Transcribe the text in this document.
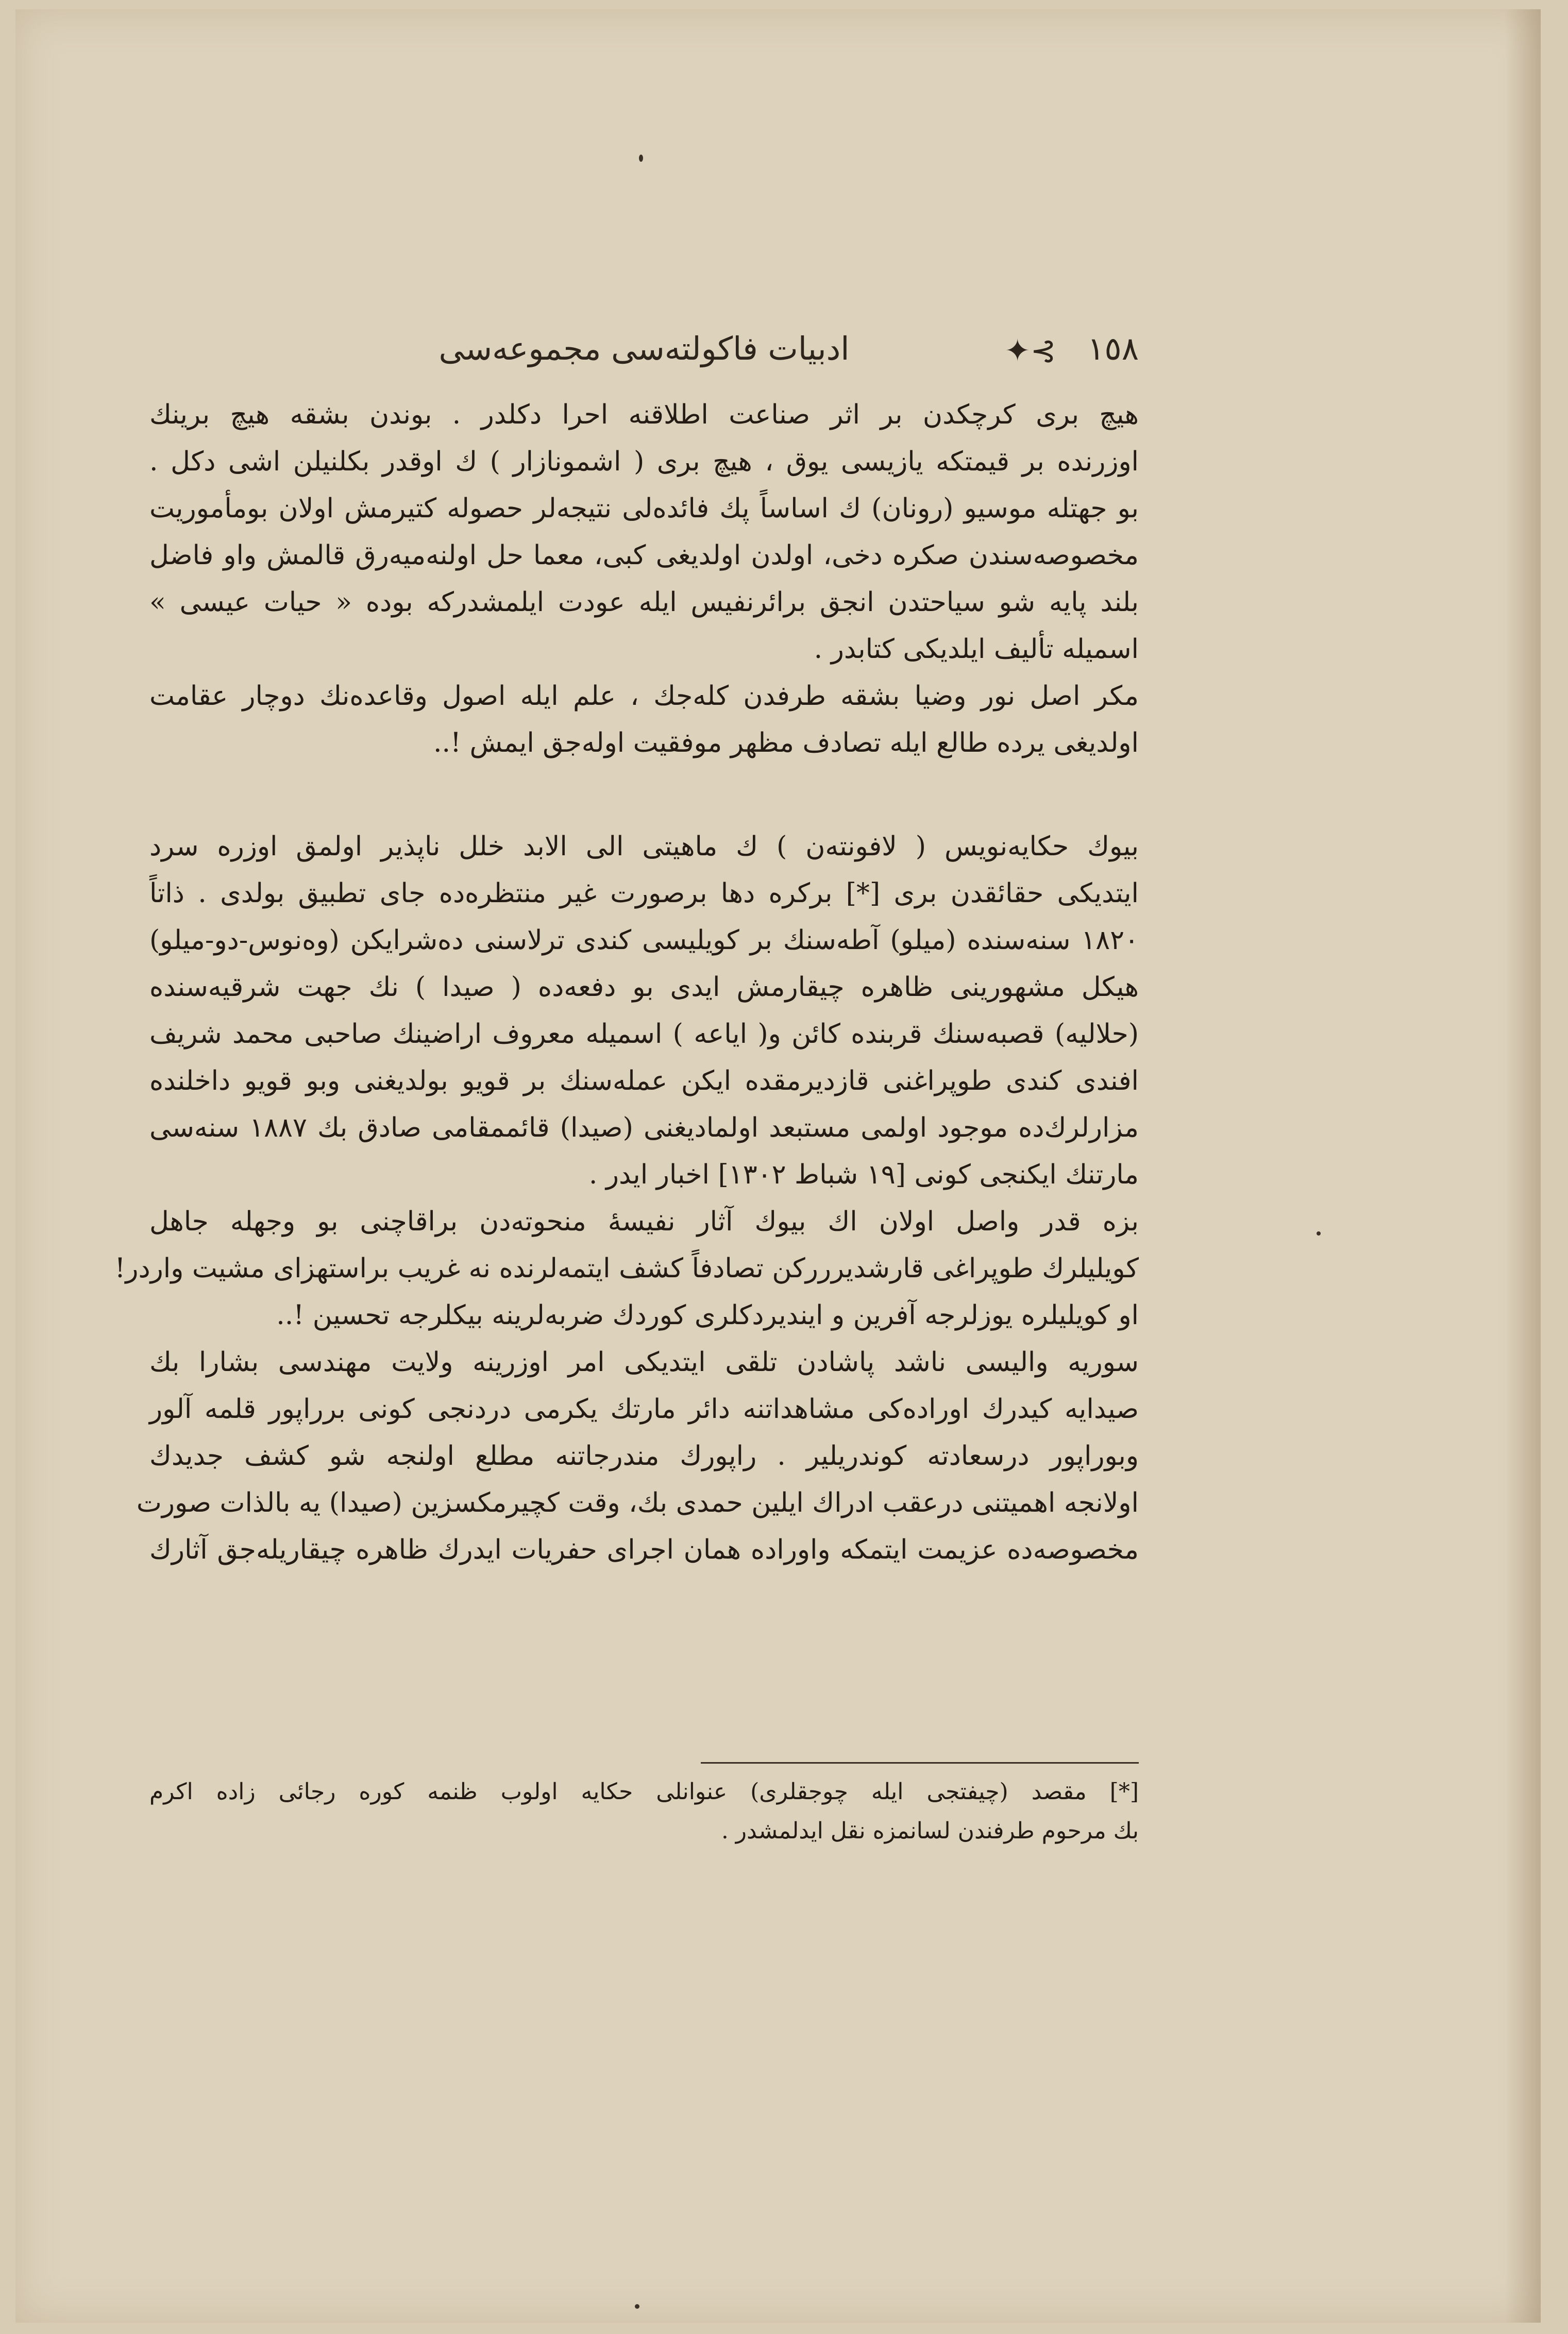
١٥٨
⊱✦
ادبيات فاكولته‌سى مجموعه‌سى
هيچ برى كرچكدن بر اثر صناعت اطلاقنه احرا دكلدر . بوندن بشقه هيچ برينك
اوزرنده بر قيمتكه يازيسى يوق ، هيچ برى ( اشمونازار ) ك اوقدر بكلنيلن اشى دكل .
بو جهتله موسيو (رونان) ك اساساً پك فائده‌لى نتيجه‌لر حصوله كتيرمش اولان بومأموريت
مخصوصه‌سندن صكره دخى، اولدن اولديغى كبى، معما حل اولنه‌ميه‌رق قالمش واو فاضل
بلند پايه شو سياحتدن انجق برائرنفيس ايله عودت ايلمشدركه بوده « حيات عيسى »
اسميله تأليف ايلديكى كتابدر .
مكر اصل نور وضيا بشقه طرفدن كله‌جك ، علم ايله اصول وقاعده‌نك دوچار عقامت
اولديغى يرده طالع ايله تصادف مظهر موفقيت اوله‌جق ايمش !..
بيوك حكايه‌نويس ( لافونته‌ن ) ك ماهيتى الى الابد خلل ناپذير اولمق اوزره سرد
ايتديكى حقائقدن برى [*] بركره دها برصورت غير منتظره‌ده جاى تطبيق بولدى . ذاتاً
١٨٢٠ سنه‌سنده (ميلو) آطه‌سنك بر كويليسى كندى ترلاسنى ده‌شرايكن (وه‌نوس-دو-ميلو)
هيكل مشهورينى ظاهره چيقارمش ايدى بو دفعه‌ده ( صيدا ) نك جهت شرقيه‌سنده
(حلاليه) قصبه‌سنك قربنده كائن و( اياعه ) اسميله معروف اراضينك صاحبى محمد شريف
افندى كندى طوپراغنى قازديرمقده ايكن عمله‌سنك بر قويو بولديغنى وبو قويو داخلنده
مزارلرك‌ده موجود اولمى مستبعد اولماديغنى (صيدا) قائممقامى صادق بك ١٨٨٧ سنه‌سى
مارتنك ايكنجى كونى [١٩ شباط ١٣٠٢] اخبار ايدر .
بزه قدر واصل اولان اك بيوك آثار نفيسهٔ منحوته‌دن براقاچنى بو وجهله جاهل
كويليلرك طوپراغى قارشديررركن تصادفاً كشف ايتمه‌لرنده نه غريب براستهزاى مشيت واردر!
او كويليلره يوزلرجه آفرين و ايندير‌دكلرى كوردك ضربه‌لرينه بيكلرجه تحسين !..
سوريه واليسى ناشد پاشادن تلقى ايتديكى امر اوزرينه ولايت مهندسى بشارا بك
صيدايه كيدرك اوراده‌كى مشاهداتنه دائر مارتك يكرمى دردنجى كونى برراپور قلمه آلور
وبوراپور درسعادته كوندريلير . راپورك مندرجاتنه مطلع اولنجه شو كشف جديدك
اولانجه اهميتنى درعقب ادراك ايلين حمدى بك، وقت كچيرمكسزين (صيدا) يه بالذات صورت
مخصوصه‌ده عزيمت ايتمكه واوراده همان اجراى حفريات ايدرك ظاهره چيقاريله‌جق آثارك
[*] مقصد (چيفتجى ايله چوجقلرى) عنوانلى حكايه اولوب ظنمه كوره رجائى زاده اكرم
بك مرحوم طرفندن لسانمزه نقل ايدلمشدر .
